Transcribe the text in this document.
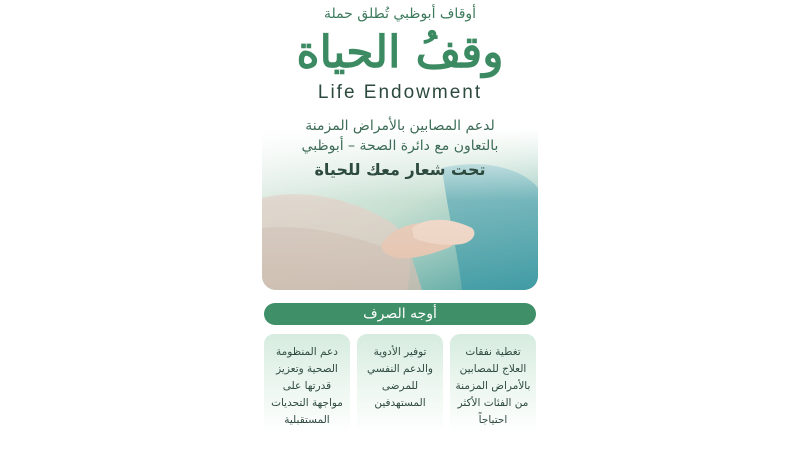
أوقاف أبوظبي تُطلق حملة
وقفُ الحياة
Life Endowment
لدعم المصابين بالأمراض المزمنة
بالتعاون مع دائرة الصحة – أبوظبي
تحت شعار معك للحياة
أوجه الصرف
تغطية نفقات
العلاج للمصابين
بالأمراض المزمنة
من الفئات الأكثر
احتياجاً
توفير الأدوية
والدعم النفسي
للمرضى
المستهدفين
دعم المنظومة
الصحية وتعزيز
قدرتها على
مواجهة التحديات
المستقبلية
